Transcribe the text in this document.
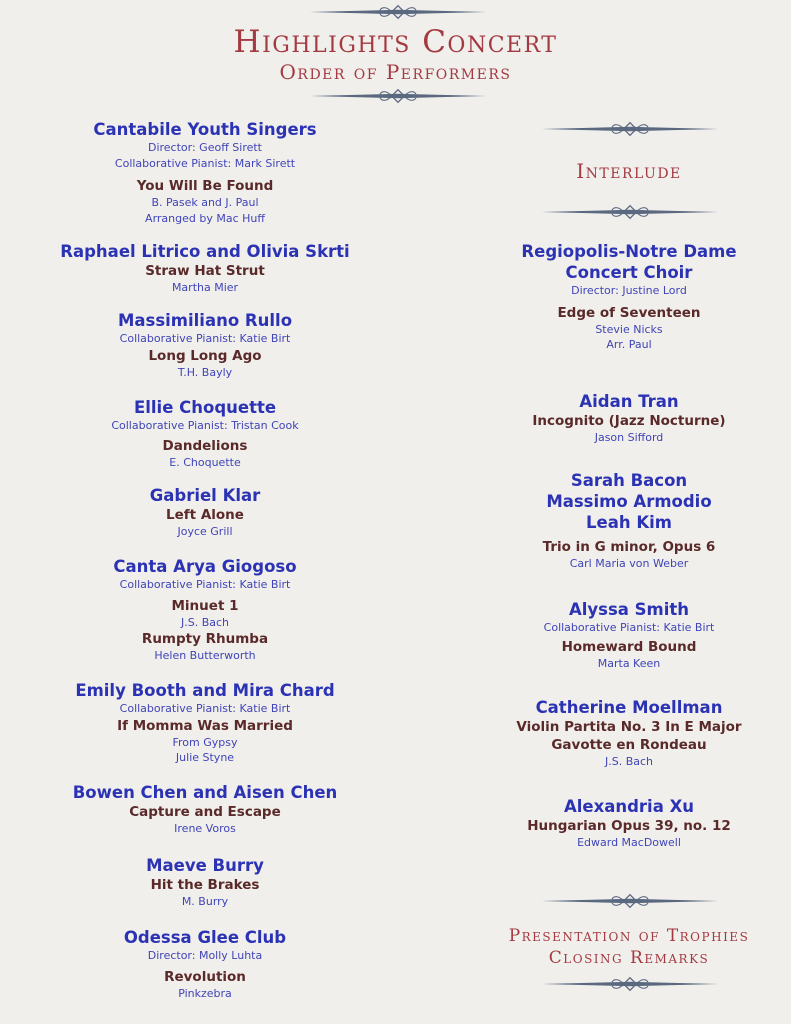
Highlights Concert
Order of Performers
Cantabile Youth Singers
Director: Geoff Sirett
Collaborative Pianist: Mark Sirett
You Will Be Found
B. Pasek and J. Paul
Arranged by Mac Huff
Raphael Litrico and Olivia Skrti
Straw Hat Strut
Martha Mier
Massimiliano Rullo
Collaborative Pianist: Katie Birt
Long Long Ago
T.H. Bayly
Ellie Choquette
Collaborative Pianist: Tristan Cook
Dandelions
E. Choquette
Gabriel Klar
Left Alone
Joyce Grill
Canta Arya Giogoso
Collaborative Pianist: Katie Birt
Minuet 1
J.S. Bach
Rumpty Rhumba
Helen Butterworth
Emily Booth and Mira Chard
Collaborative Pianist: Katie Birt
If Momma Was Married
From Gypsy
Julie Styne
Bowen Chen and Aisen Chen
Capture and Escape
Irene Voros
Maeve Burry
Hit the Brakes
M. Burry
Odessa Glee Club
Director: Molly Luhta
Revolution
Pinkzebra
Interlude
Regiopolis-Notre Dame
Concert Choir
Director: Justine Lord
Edge of Seventeen
Stevie Nicks
Arr. Paul
Aidan Tran
Incognito (Jazz Nocturne)
Jason Sifford
Sarah Bacon
Massimo Armodio
Leah Kim
Trio in G minor, Opus 6
Carl Maria von Weber
Alyssa Smith
Collaborative Pianist: Katie Birt
Homeward Bound
Marta Keen
Catherine Moellman
Violin Partita No. 3 In E Major
Gavotte en Rondeau
J.S. Bach
Alexandria Xu
Hungarian Opus 39, no. 12
Edward MacDowell
Presentation of Trophies
Closing Remarks
